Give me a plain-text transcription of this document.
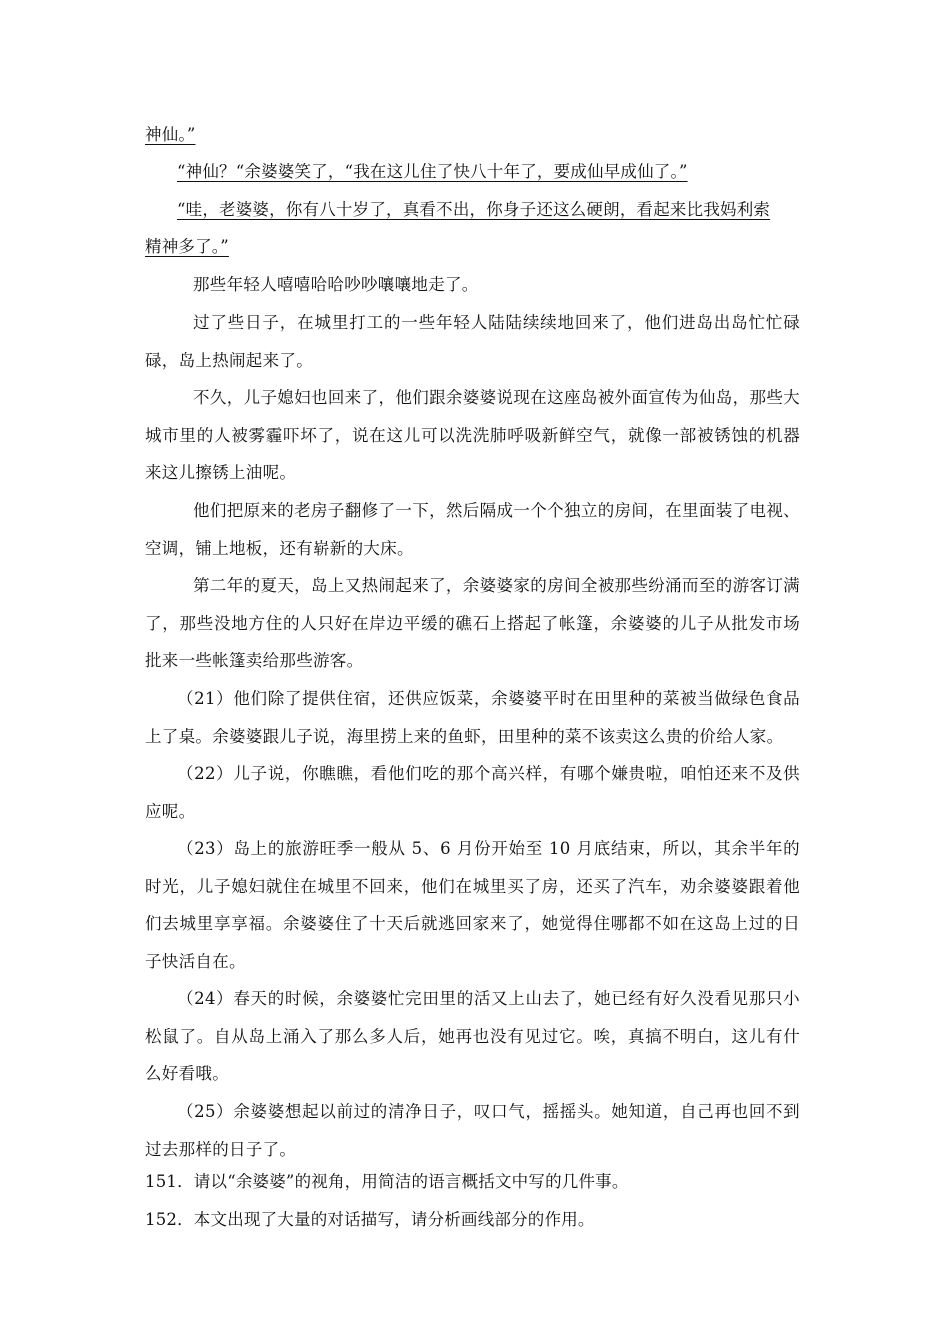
神仙。”
“神仙？“余婆婆笑了，“我在这儿住了快八十年了，要成仙早成仙了。”
“哇，老婆婆，你有八十岁了，真看不出，你身子还这么硬朗，看起来比我妈利索
精神多了。”
那些年轻人嘻嘻哈哈吵吵嚷嚷地走了。
过了些日子，在城里打工的一些年轻人陆陆续续地回来了，他们进岛出岛忙忙碌碌，岛上热闹起来了。
不久，儿子媳妇也回来了，他们跟余婆婆说现在这座岛被外面宣传为仙岛，那些大城市里的人被雾霾吓坏了，说在这儿可以洗洗肺呼吸新鲜空气，就像一部被锈蚀的机器来这儿擦锈上油呢。
他们把原来的老房子翻修了一下，然后隔成一个个独立的房间，在里面装了电视、空调，铺上地板，还有崭新的大床。
第二年的夏天，岛上又热闹起来了，余婆婆家的房间全被那些纷涌而至的游客订满了，那些没地方住的人只好在岸边平缓的礁石上搭起了帐篷，余婆婆的儿子从批发市场批来一些帐篷卖给那些游客。
（21）他们除了提供住宿，还供应饭菜，余婆婆平时在田里种的菜被当做绿色食品上了桌。余婆婆跟儿子说，海里捞上来的鱼虾，田里种的菜不该卖这么贵的价给人家。
（22）儿子说，你瞧瞧，看他们吃的那个高兴样，有哪个嫌贵啦，咱怕还来不及供应呢。
（23）岛上的旅游旺季一般从 5、6 月份开始至 10 月底结束，所以，其余半年的时光，儿子媳妇就住在城里不回来，他们在城里买了房，还买了汽车，劝余婆婆跟着他们去城里享享福。余婆婆住了十天后就逃回家来了，她觉得住哪都不如在这岛上过的日子快活自在。
（24）春天的时候，余婆婆忙完田里的活又上山去了，她已经有好久没看见那只小松鼠了。自从岛上涌入了那么多人后，她再也没有见过它。唉，真搞不明白，这儿有什么好看哦。
（25）余婆婆想起以前过的清净日子，叹口气，摇摇头。她知道，自己再也回不到过去那样的日子了。
151．请以“余婆婆”的视角，用简洁的语言概括文中写的几件事。
152．本文出现了大量的对话描写，请分析画线部分的作用。
